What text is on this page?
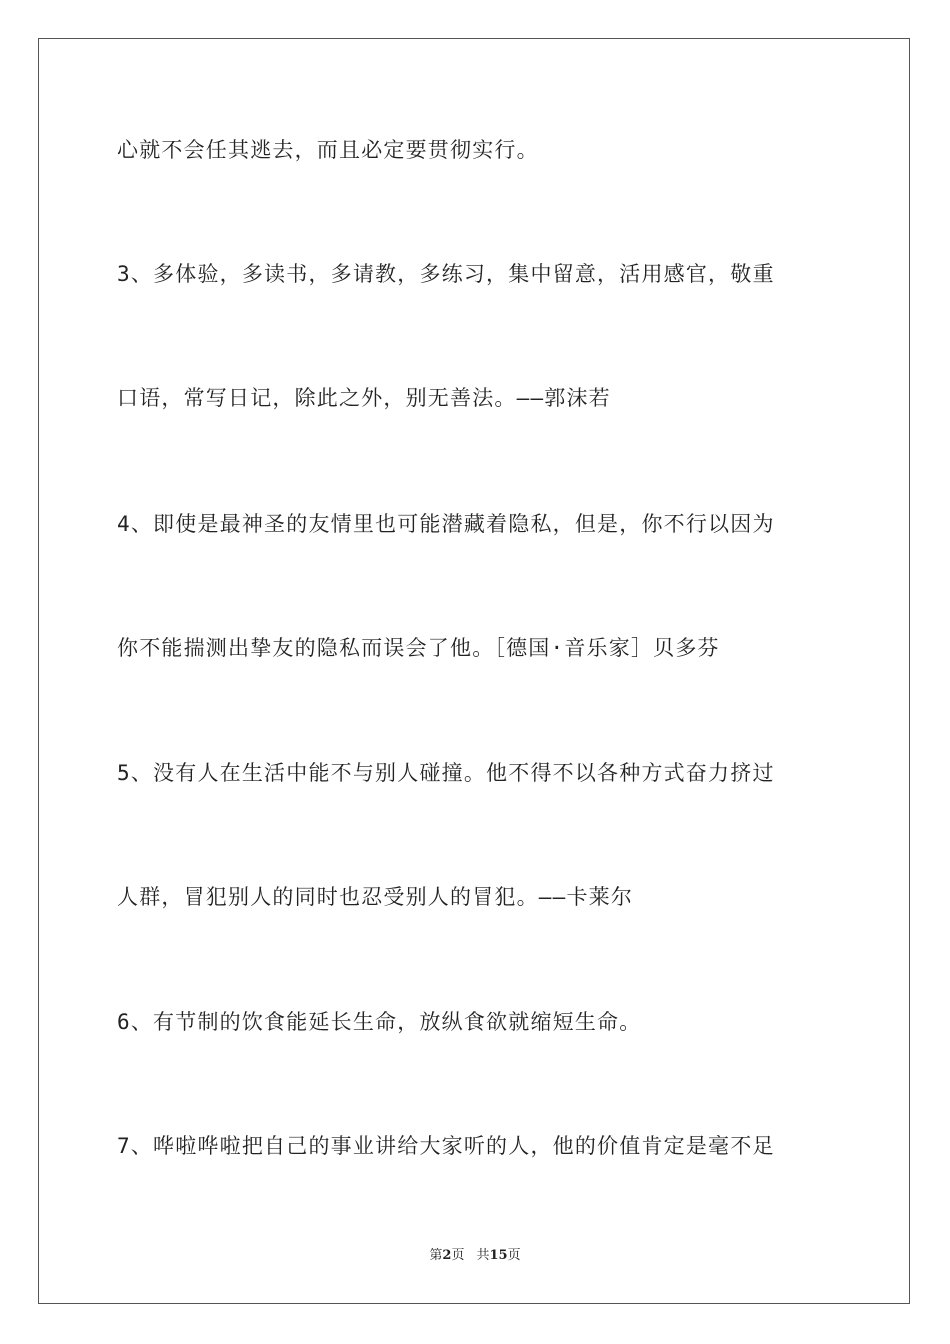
心就不会任其逃去，而且必定要贯彻实行。
3、多体验，多读书，多请教，多练习，集中留意，活用感官，敬重
口语，常写日记，除此之外，别无善法。——郭沫若
4、即使是最神圣的友情里也可能潜藏着隐私，但是，你不行以因为
你不能揣测出挚友的隐私而误会了他。［德国·音乐家］贝多芬
5、没有人在生活中能不与别人碰撞。他不得不以各种方式奋力挤过
人群，冒犯别人的同时也忍受别人的冒犯。——卡莱尔
6、有节制的饮食能延长生命，放纵食欲就缩短生命。
7、哗啦哗啦把自己的事业讲给大家听的人，他的价值肯定是毫不足
第2页 共15页
